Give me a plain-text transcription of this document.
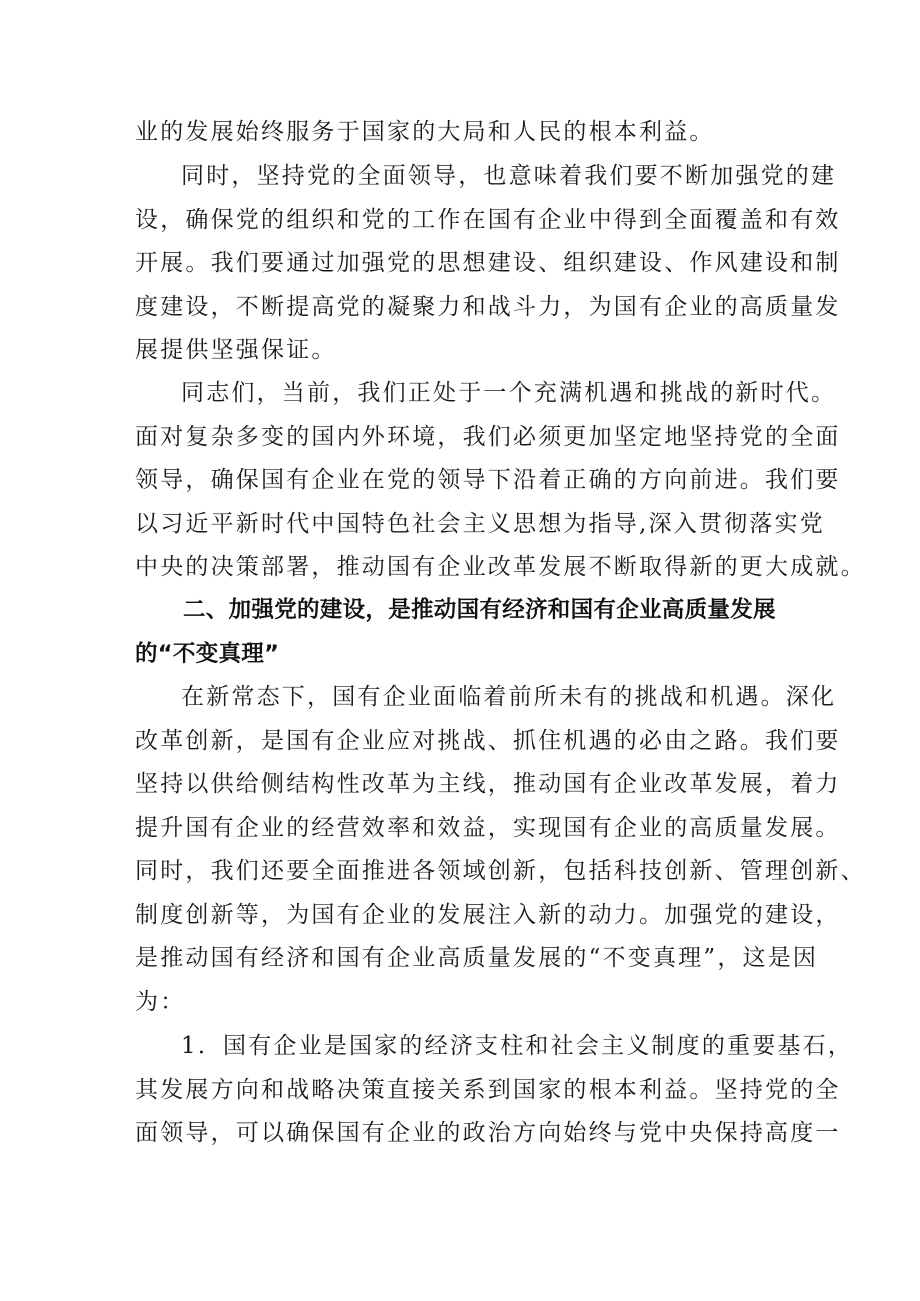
业的发展始终服务于国家的大局和人民的根本利益。
同时，坚持党的全面领导，也意味着我们要不断加强党的建
设，确保党的组织和党的工作在国有企业中得到全面覆盖和有效
开展。我们要通过加强党的思想建设、组织建设、作风建设和制
度建设，不断提高党的凝聚力和战斗力，为国有企业的高质量发
展提供坚强保证。
同志们，当前，我们正处于一个充满机遇和挑战的新时代。
面对复杂多变的国内外环境，我们必须更加坚定地坚持党的全面
领导，确保国有企业在党的领导下沿着正确的方向前进。我们要
以习近平新时代中国特色社会主义思想为指导,深入贯彻落实党
中央的决策部署，推动国有企业改革发展不断取得新的更大成就。
二、加强党的建设，是推动国有经济和国有企业高质量发展
的“不变真理”
在新常态下，国有企业面临着前所未有的挑战和机遇。深化
改革创新，是国有企业应对挑战、抓住机遇的必由之路。我们要
坚持以供给侧结构性改革为主线，推动国有企业改革发展，着力
提升国有企业的经营效率和效益，实现国有企业的高质量发展。
同时，我们还要全面推进各领域创新，包括科技创新、管理创新、
制度创新等，为国有企业的发展注入新的动力。加强党的建设，
是推动国有经济和国有企业高质量发展的“不变真理”，这是因
为：
1．国有企业是国家的经济支柱和社会主义制度的重要基石，
其发展方向和战略决策直接关系到国家的根本利益。坚持党的全
面领导，可以确保国有企业的政治方向始终与党中央保持高度一
